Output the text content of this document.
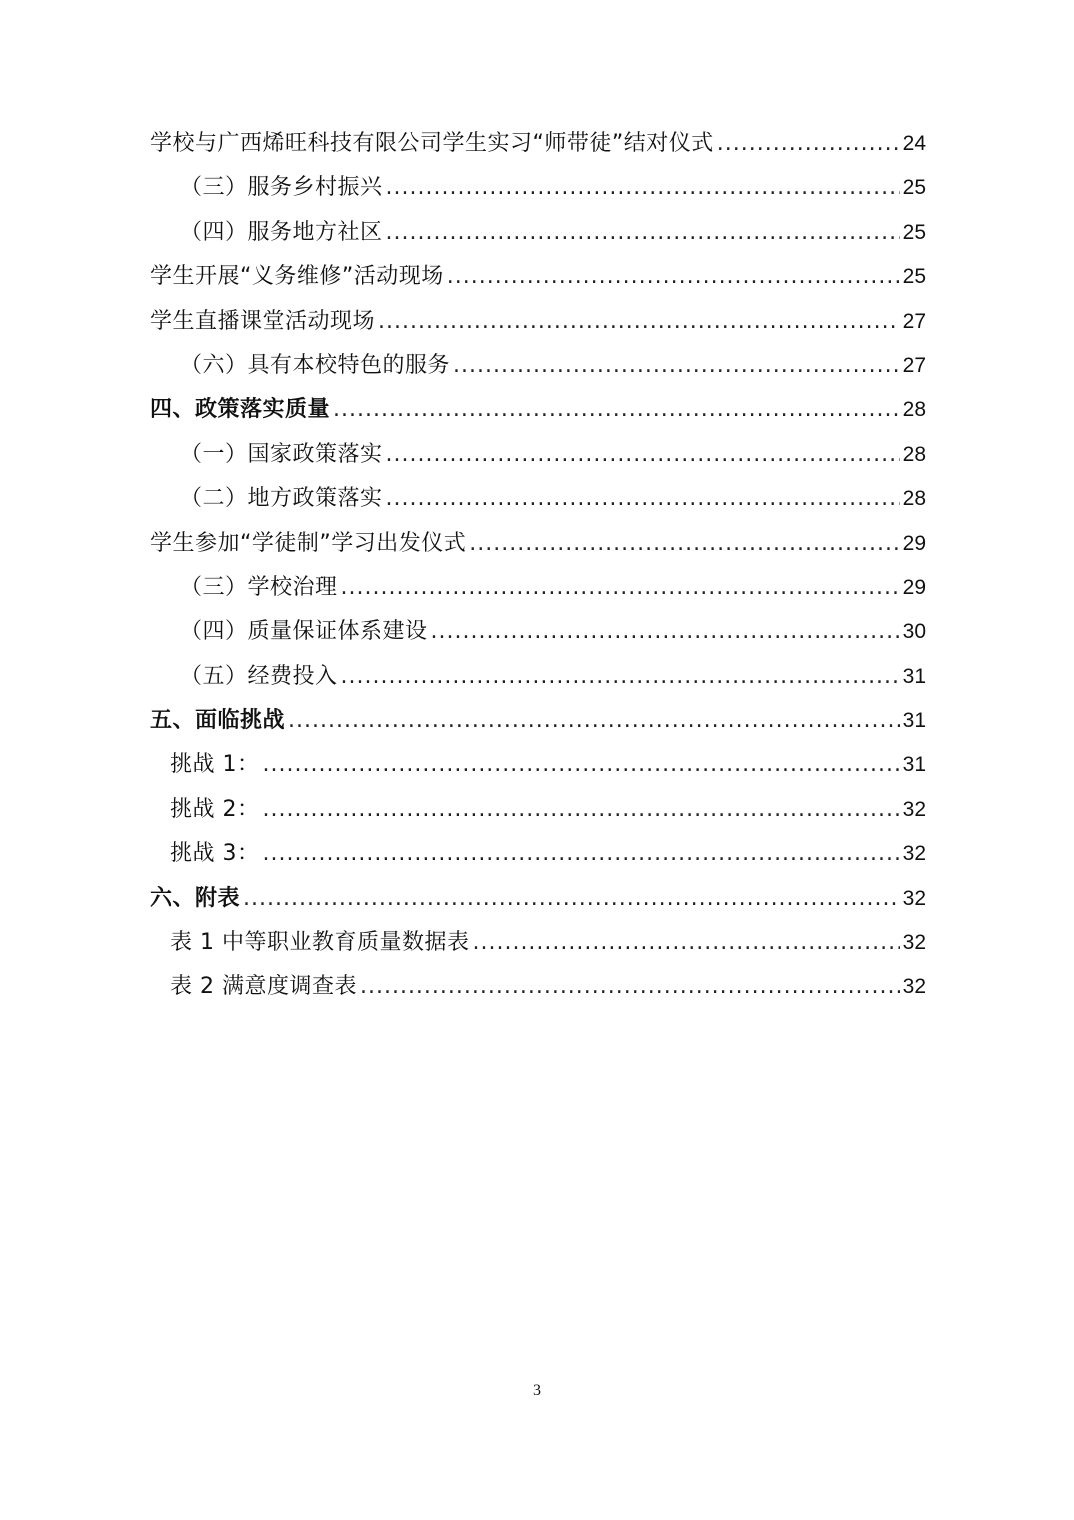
学校与广西烯旺科技有限公司学生实习“师带徒”结对仪式 .....	24
（三）服务乡村振兴 .....	25
（四）服务地方社区 .....	25
学生开展“义务维修”活动现场 .....	25
学生直播课堂活动现场 .....	27
（六）具有本校特色的服务 .....	27
四、政策落实质量 .....	28
（一）国家政策落实 .....	28
（二）地方政策落实 .....	28
学生参加“学徒制”学习出发仪式 .....	29
（三）学校治理 .....	29
（四）质量保证体系建设 .....	30
（五）经费投入 .....	31
五、面临挑战 .....	31
挑战 1： .....	31
挑战 2： .....	32
挑战 3： .....	32
六、附表 .....	32
表 1 中等职业教育质量数据表 .....	32
表 2 满意度调查表 .....	32
3
